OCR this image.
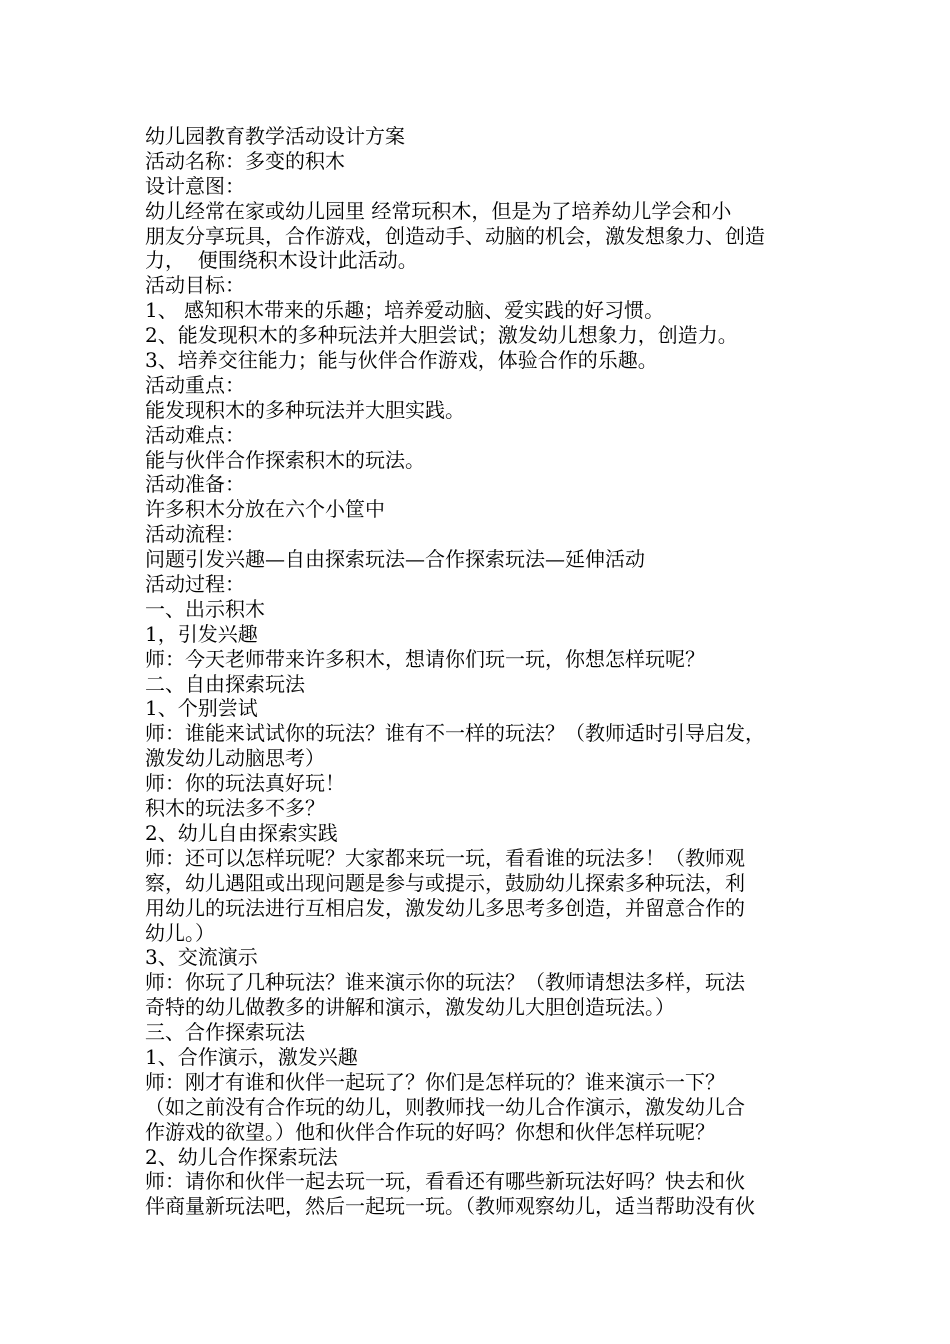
幼儿园教育教学活动设计方案
活动名称：多变的积木
设计意图：
幼儿经常在家或幼儿园里 经常玩积木，但是为了培养幼儿学会和小
朋友分享玩具，合作游戏，创造动手、动脑的机会，激发想象力、创造
力，  便围绕积木设计此活动。
活动目标：
1、 感知积木带来的乐趣；培养爱动脑、爱实践的好习惯。
2、能发现积木的多种玩法并大胆尝试；激发幼儿想象力，创造力。
3、培养交往能力；能与伙伴合作游戏，体验合作的乐趣。
活动重点：
能发现积木的多种玩法并大胆实践。
活动难点：
能与伙伴合作探索积木的玩法。
活动准备：
许多积木分放在六个小筐中
活动流程：
问题引发兴趣—自由探索玩法—合作探索玩法—延伸活动
活动过程：
一、出示积木
1，引发兴趣
师：今天老师带来许多积木，想请你们玩一玩，你想怎样玩呢？
二、自由探索玩法
1、个别尝试
师：谁能来试试你的玩法？谁有不一样的玩法？（教师适时引导启发，
激发幼儿动脑思考）
师：你的玩法真好玩！
积木的玩法多不多？
2、幼儿自由探索实践
师：还可以怎样玩呢？大家都来玩一玩，看看谁的玩法多！（教师观
察，幼儿遇阻或出现问题是参与或提示，鼓励幼儿探索多种玩法，利
用幼儿的玩法进行互相启发，激发幼儿多思考多创造，并留意合作的
幼儿。）
3、交流演示
师：你玩了几种玩法？谁来演示你的玩法？（教师请想法多样，玩法
奇特的幼儿做教多的讲解和演示，激发幼儿大胆创造玩法。）
三、合作探索玩法
1、合作演示，激发兴趣
师：刚才有谁和伙伴一起玩了？你们是怎样玩的？谁来演示一下？
（如之前没有合作玩的幼儿，则教师找一幼儿合作演示，激发幼儿合
作游戏的欲望。）他和伙伴合作玩的好吗？你想和伙伴怎样玩呢？
2、幼儿合作探索玩法
师：请你和伙伴一起去玩一玩，看看还有哪些新玩法好吗？快去和伙
伴商量新玩法吧，然后一起玩一玩。（教师观察幼儿，适当帮助没有伙
